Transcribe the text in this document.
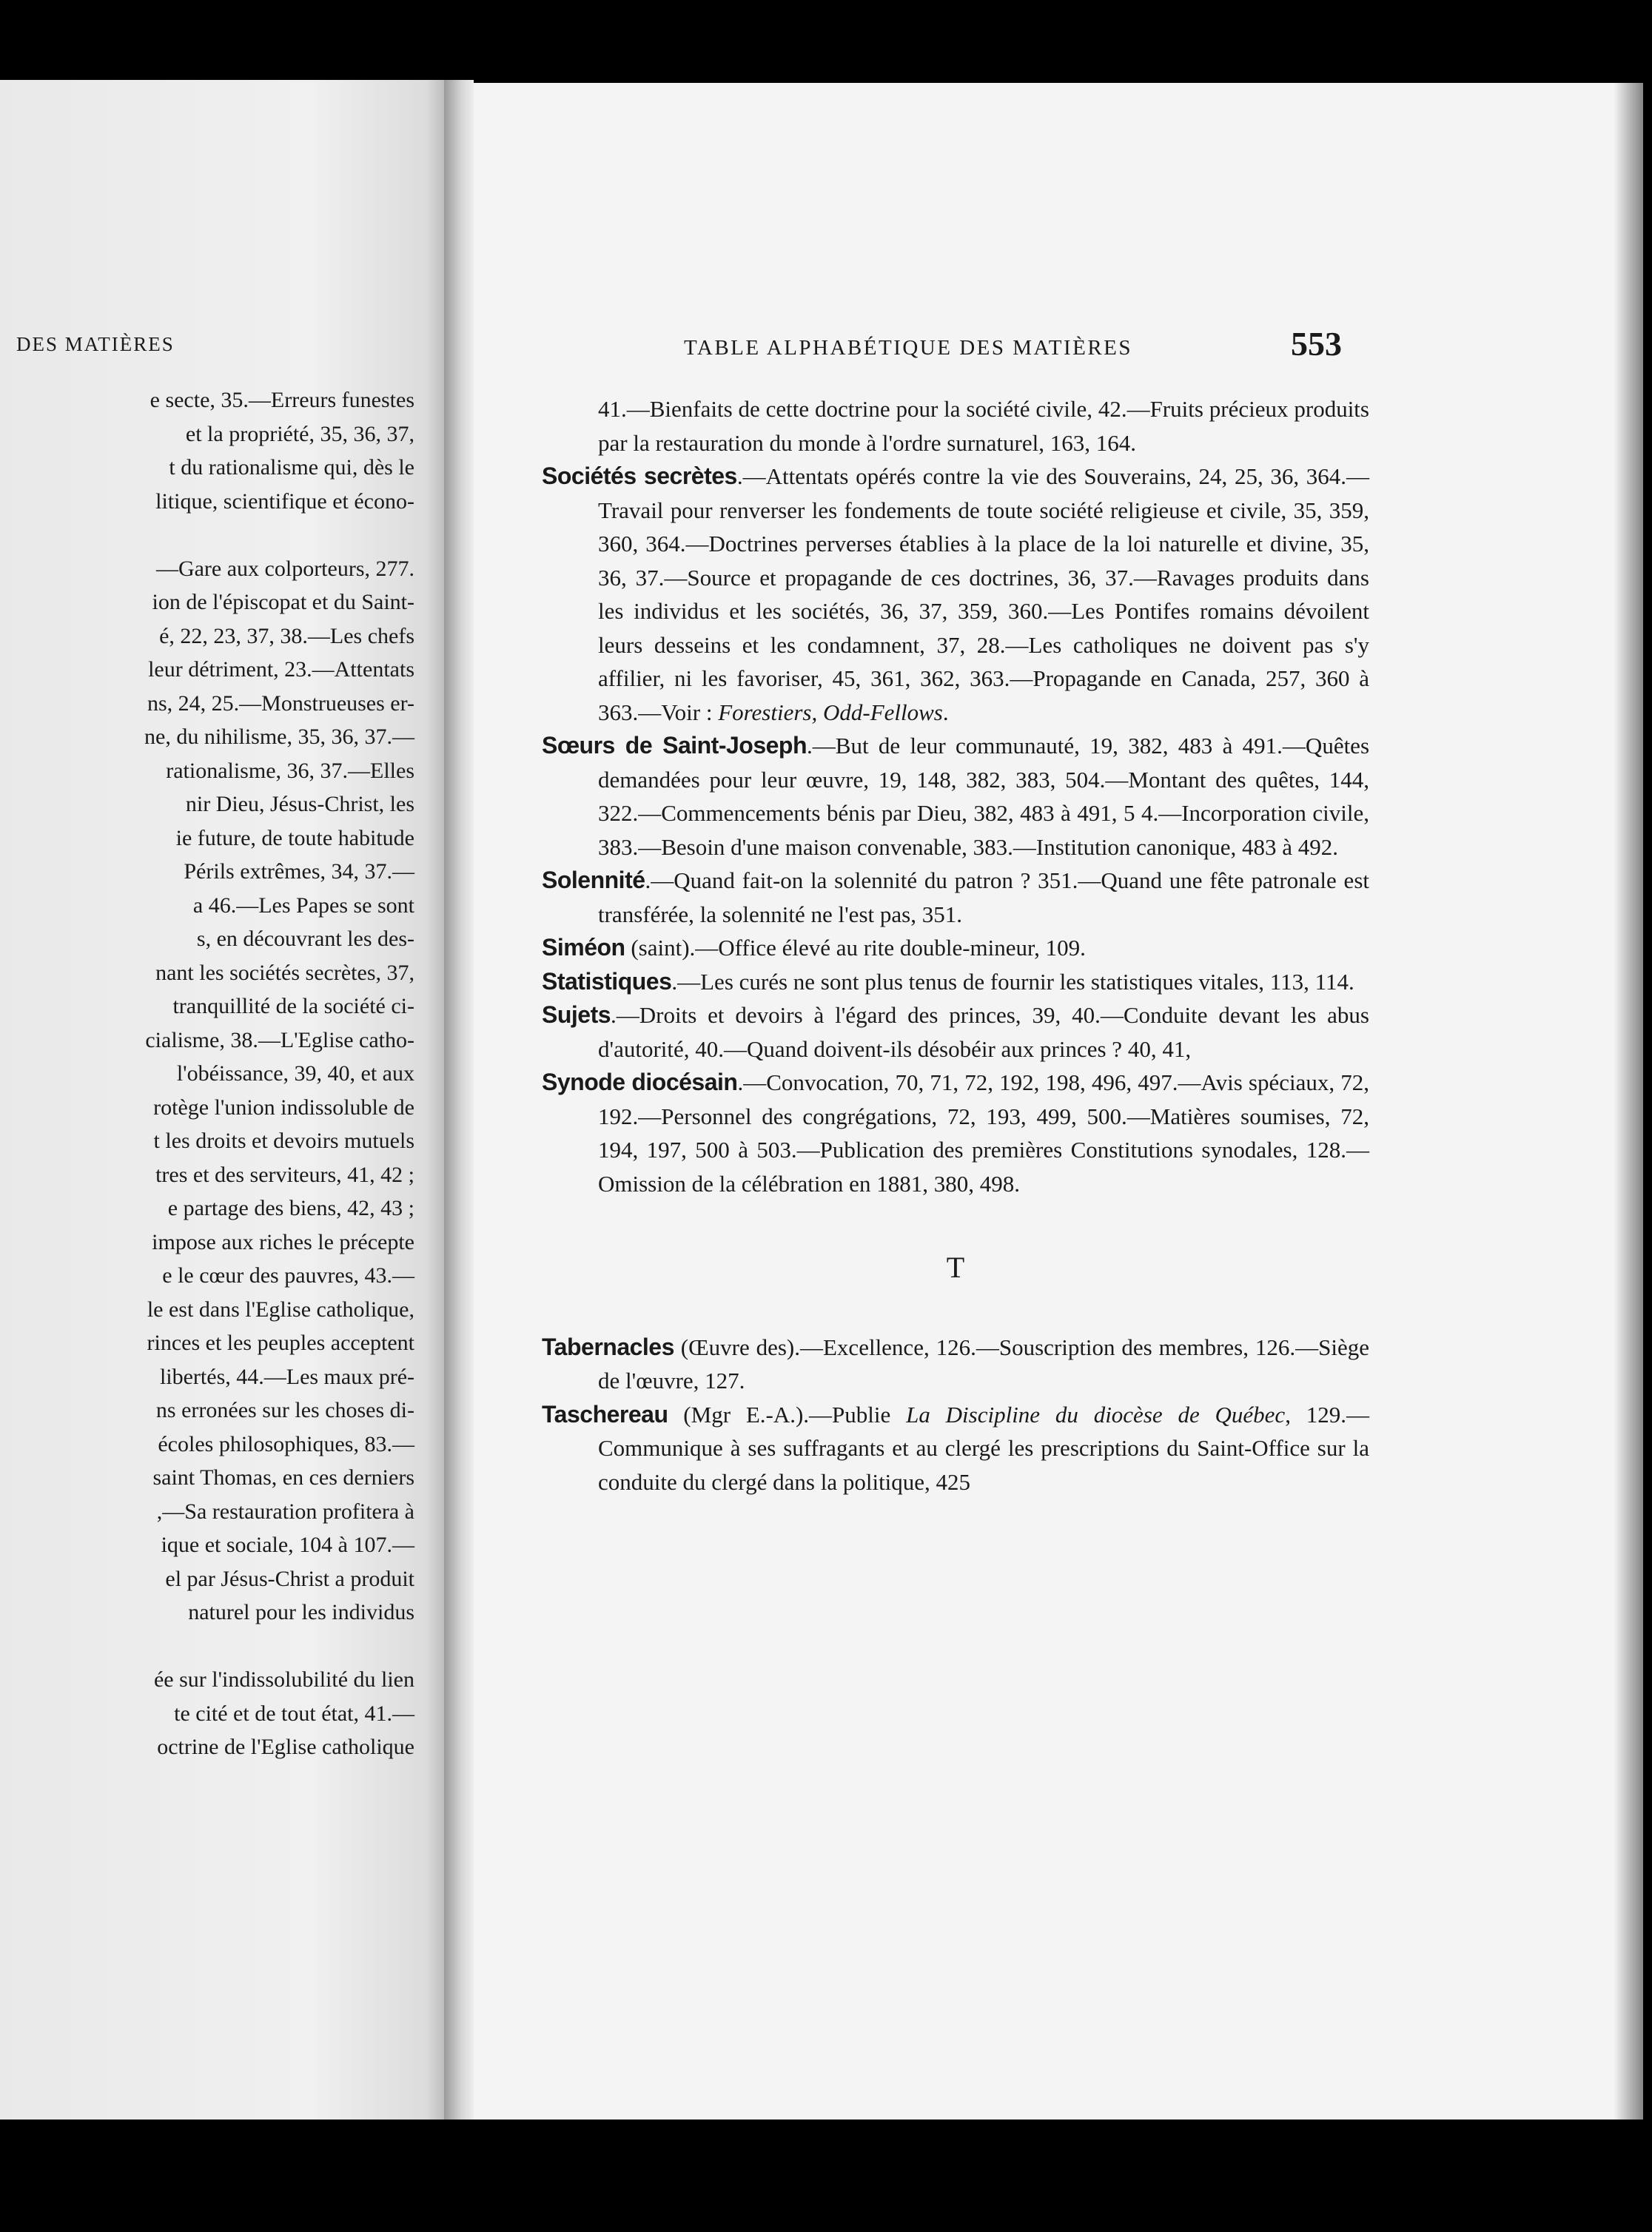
DES MATIÈRES
e secte, 35.—Erreurs funestes
et la propriété, 35, 36, 37,
t du rationalisme qui, dès le
litique, scientifique et écono-
—Gare aux colporteurs, 277.
ion de l'épiscopat et du Saint-
é, 22, 23, 37, 38.—Les chefs
leur détriment, 23.—Attentats
ns, 24, 25.—Monstrueuses er-
ne, du nihilisme, 35, 36, 37.—
rationalisme, 36, 37.—Elles
nir Dieu, Jésus-Christ, les
ie future, de toute habitude
Périls extrêmes, 34, 37.—
a 46.—Les Papes se sont
s, en découvrant les des-
nant les sociétés secrètes, 37,
tranquillité de la société ci-
cialisme, 38.—L'Eglise catho-
l'obéissance, 39, 40, et aux
rotège l'union indissoluble de
t les droits et devoirs mutuels
tres et des serviteurs, 41, 42 ;
e partage des biens, 42, 43 ;
impose aux riches le précepte
e le cœur des pauvres, 43.—
le est dans l'Eglise catholique,
rinces et les peuples acceptent
libertés, 44.—Les maux pré-
ns erronées sur les choses di-
écoles philosophiques, 83.—
saint Thomas, en ces derniers
,—Sa restauration profitera à
ique et sociale, 104 à 107.—
el par Jésus-Christ a produit
naturel pour les individus
ée sur l'indissolubilité du lien
te cité et de tout état, 41.—
octrine de l'Eglise catholique
TABLE ALPHABÉTIQUE DES MATIÈRES	553
41.—Bienfaits de cette doctrine pour la société civile, 42.—Fruits précieux produits par la restauration du monde à l'ordre surnaturel, 163, 164.
Sociétés secrètes.—Attentats opérés contre la vie des Souverains, 24, 25, 36, 364.—Travail pour renverser les fondements de toute société religieuse et civile, 35, 359, 360, 364.—Doctrines perverses établies à la place de la loi naturelle et divine, 35, 36, 37.—Source et propagande de ces doctrines, 36, 37.—Ravages produits dans les individus et les sociétés, 36, 37, 359, 360.—Les Pontifes romains dévoilent leurs desseins et les condamnent, 37, 28.—Les catholiques ne doivent pas s'y affilier, ni les favoriser, 45, 361, 362, 363.—Propagande en Canada, 257, 360 à 363.—Voir : Forestiers, Odd-Fellows.
Sœurs de Saint-Joseph.—But de leur communauté, 19, 382, 483 à 491.—Quêtes demandées pour leur œuvre, 19, 148, 382, 383, 504.—Montant des quêtes, 144, 322.—Commencements bénis par Dieu, 382, 483 à 491, 5 4.—Incorporation civile, 383.—Besoin d'une maison convenable, 383.—Institution canonique, 483 à 492.
Solennité.—Quand fait-on la solennité du patron ? 351.—Quand une fête patronale est transférée, la solennité ne l'est pas, 351.
Siméon (saint).—Office élevé au rite double-mineur, 109.
Statistiques.—Les curés ne sont plus tenus de fournir les statistiques vitales, 113, 114.
Sujets.—Droits et devoirs à l'égard des princes, 39, 40.—Conduite devant les abus d'autorité, 40.—Quand doivent-ils désobéir aux princes ? 40, 41,
Synode diocésain.—Convocation, 70, 71, 72, 192, 198, 496, 497.—Avis spéciaux, 72, 192.—Personnel des congrégations, 72, 193, 499, 500.—Matières soumises, 72, 194, 197, 500 à 503.—Publication des premières Constitutions synodales, 128.—Omission de la célébration en 1881, 380, 498.
T
Tabernacles (Œuvre des).—Excellence, 126.—Souscription des membres, 126.—Siège de l'œuvre, 127.
Taschereau (Mgr E.-A.).—Publie La Discipline du diocèse de Québec, 129.—Communique à ses suffragants et au clergé les prescriptions du Saint-Office sur la conduite du clergé dans la politique, 425
